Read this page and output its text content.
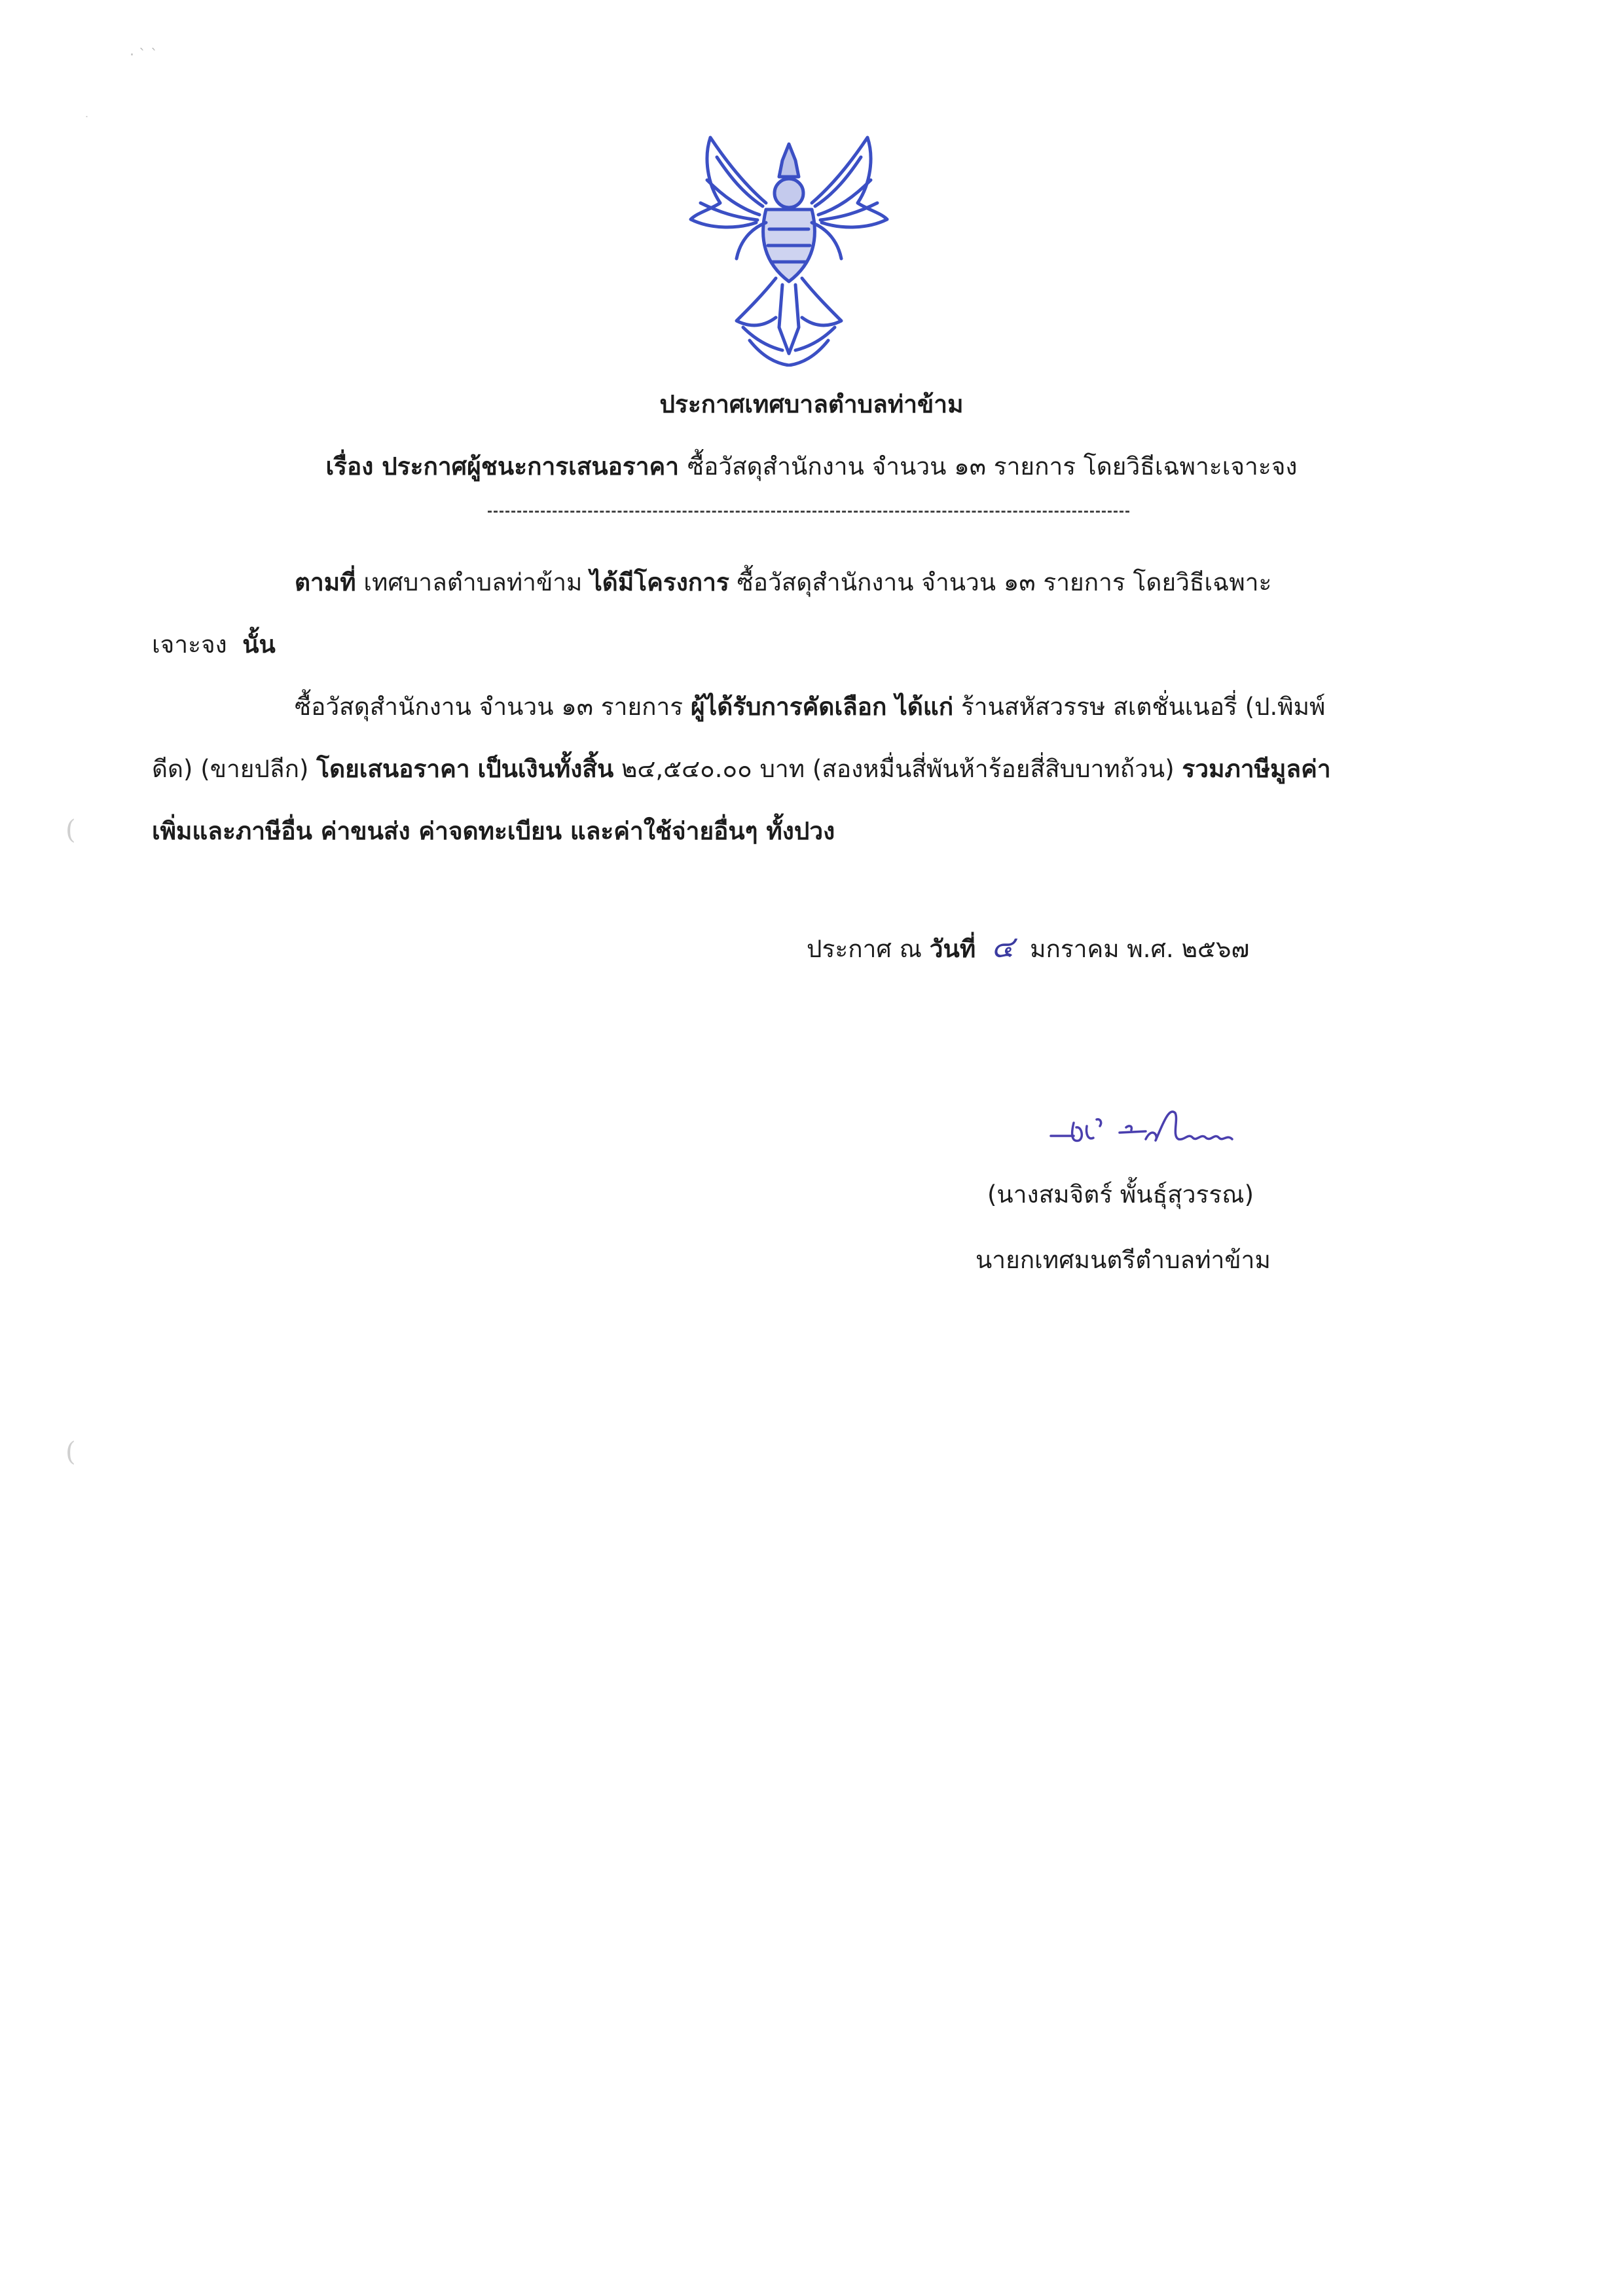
ประกาศเทศบาลตำบลท่าข้าม
เรื่อง ประกาศผู้ชนะการเสนอราคา ซื้อวัสดุสำนักงาน จำนวน ๑๓ รายการ โดยวิธีเฉพาะเจาะจง
ตามที่ เทศบาลตำบลท่าข้าม ได้มีโครงการ ซื้อวัสดุสำนักงาน จำนวน ๑๓ รายการ โดยวิธีเฉพาะ
เจาะจง นั้น
ซื้อวัสดุสำนักงาน จำนวน ๑๓ รายการ ผู้ได้รับการคัดเลือก ได้แก่ ร้านสหัสวรรษ สเตชั่นเนอรี่ (ป.พิมพ์
ดีด) (ขายปลีก) โดยเสนอราคา เป็นเงินทั้งสิ้น ๒๔,๕๔๐.๐๐ บาท (สองหมื่นสี่พันห้าร้อยสี่สิบบาทถ้วน) รวมภาษีมูลค่า
เพิ่มและภาษีอื่น ค่าขนส่ง ค่าจดทะเบียน และค่าใช้จ่ายอื่นๆ ทั้งปวง
ประกาศ ณ วันที่ ๔ มกราคม พ.ศ. ๒๕๖๗
(นางสมจิตร์ พั้นธุ์สุวรรณ)
นายกเทศมนตรีตำบลท่าข้าม
(
(
· ˋ ˋ
˙
